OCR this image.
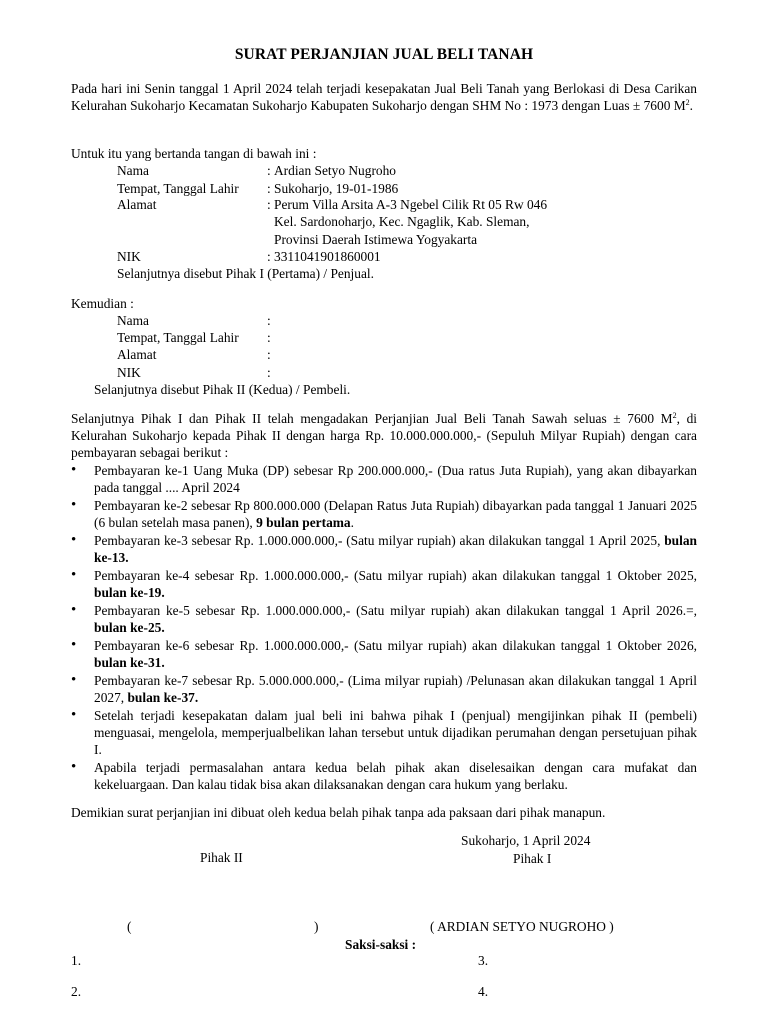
SURAT PERJANJIAN JUAL BELI TANAH
Pada hari ini Senin tanggal 1 April 2024 telah terjadi kesepakatan Jual Beli Tanah yang Berlokasi di Desa Carikan Kelurahan Sukoharjo Kecamatan Sukoharjo Kabupaten Sukoharjo dengan SHM No : 1973 dengan Luas ± 7600 $M^2$.
Untuk itu yang bertanda tangan di bawah ini :
Nama	: Ardian Setyo Nugroho
Tempat, Tanggal Lahir : Sukoharjo, 19-01-1986
Alamat	: Perum Villa Arsita A-3 Ngebel Cilik Rt 05 Rw 046
Kel. Sardonoharjo, Kec. Ngaglik, Kab. Sleman,
Provinsi Daerah Istimewa Yogyakarta
NIK	: 3311041901860001
Selanjutnya disebut Pihak I (Pertama) / Penjual.
Kemudian :
Nama	:
Tempat, Tanggal Lahir :
Alamat	:
NIK	:
Selanjutnya disebut Pihak II (Kedua) / Pembeli.
Selanjutnya Pihak I dan Pihak II telah mengadakan Perjanjian Jual Beli Tanah Sawah seluas ± 7600 $M^2$, di Kelurahan Sukoharjo kepada Pihak II dengan harga Rp. 10.000.000.000,- (Sepuluh Milyar Rupiah) dengan cara pembayaran sebagai berikut :
• Pembayaran ke-1 Uang Muka (DP) sebesar Rp 200.000.000,- (Dua ratus Juta Rupiah), yang akan dibayarkan pada tanggal .... April 2024
• Pembayaran ke-2 sebesar Rp 800.000.000 (Delapan Ratus Juta Rupiah) dibayarkan pada tanggal 1 Januari 2025 (6 bulan setelah masa panen), 9 bulan pertama.
• Pembayaran ke-3 sebesar Rp. 1.000.000.000,- (Satu milyar rupiah) akan dilakukan tanggal 1 April 2025, bulan ke-13.
• Pembayaran ke-4 sebesar Rp. 1.000.000.000,- (Satu milyar rupiah) akan dilakukan tanggal 1 Oktober 2025, bulan ke-19.
• Pembayaran ke-5 sebesar Rp. 1.000.000.000,- (Satu milyar rupiah) akan dilakukan tanggal 1 April 2026.=, bulan ke-25.
• Pembayaran ke-6 sebesar Rp. 1.000.000.000,- (Satu milyar rupiah) akan dilakukan tanggal 1 Oktober 2026, bulan ke-31.
• Pembayaran ke-7 sebesar Rp. 5.000.000.000,- (Lima milyar rupiah) /Pelunasan akan dilakukan tanggal 1 April 2027, bulan ke-37.
• Setelah terjadi kesepakatan dalam jual beli ini bahwa pihak I (penjual) mengijinkan pihak II (pembeli) menguasai, mengelola, memperjualbelikan lahan tersebut untuk dijadikan perumahan dengan persetujuan pihak I.
• Apabila terjadi permasalahan antara kedua belah pihak akan diselesaikan dengan cara mufakat dan kekeluargaan. Dan kalau tidak bisa akan dilaksanakan dengan cara hukum yang berlaku.
Demikian surat perjanjian ini dibuat oleh kedua belah pihak tanpa ada paksaan dari pihak manapun.
Sukoharjo, 1 April 2024
Pihak II	Pihak I
(	)	( ARDIAN SETYO NUGROHO )
Saksi-saksi :
1.	3.
2.	4.
